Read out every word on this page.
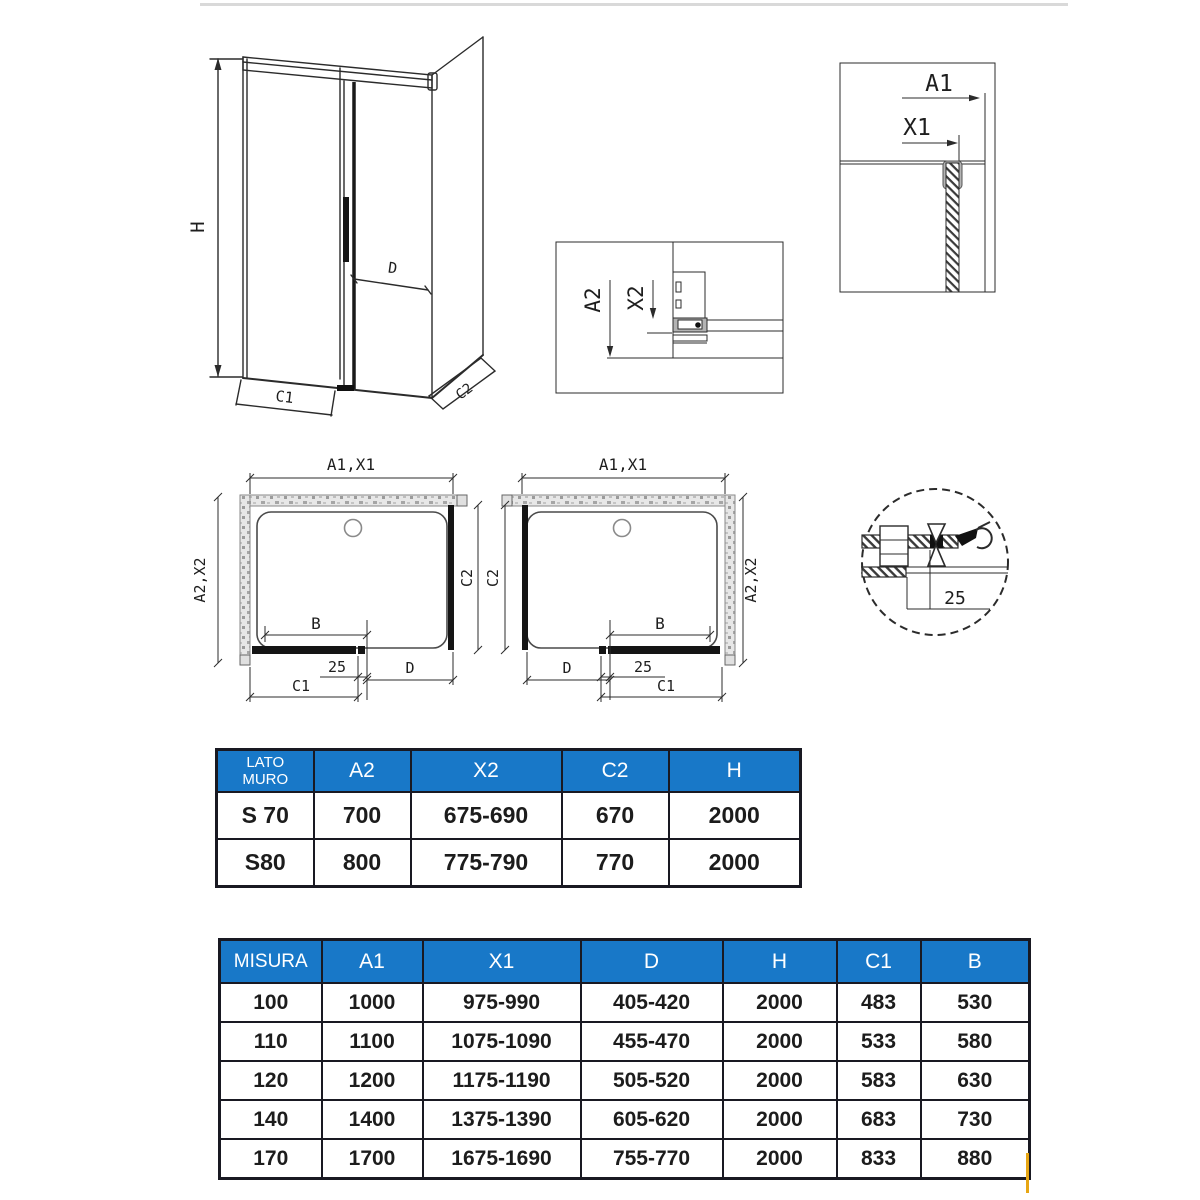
H
D
C1	C2
A2 X2
A1
X1
A1,X1
A2,X2	C2
B
25	D
C1
A1,X1
C2	A2,X2
B
25
D
C1
25
LATO MURO	A2	X2	C2	H
S 70	700	675-690	670	2000
S80	800	775-790	770	2000
MISURA	A1	X1	D	H	C1	B
100	1000	975-990	405-420	2000	483	530
110	1100	1075-1090	455-470	2000	533	580
120	1200	1175-1190	505-520	2000	583	630
140	1400	1375-1390	605-620	2000	683	730
170	1700	1675-1690	755-770	2000	833	880
